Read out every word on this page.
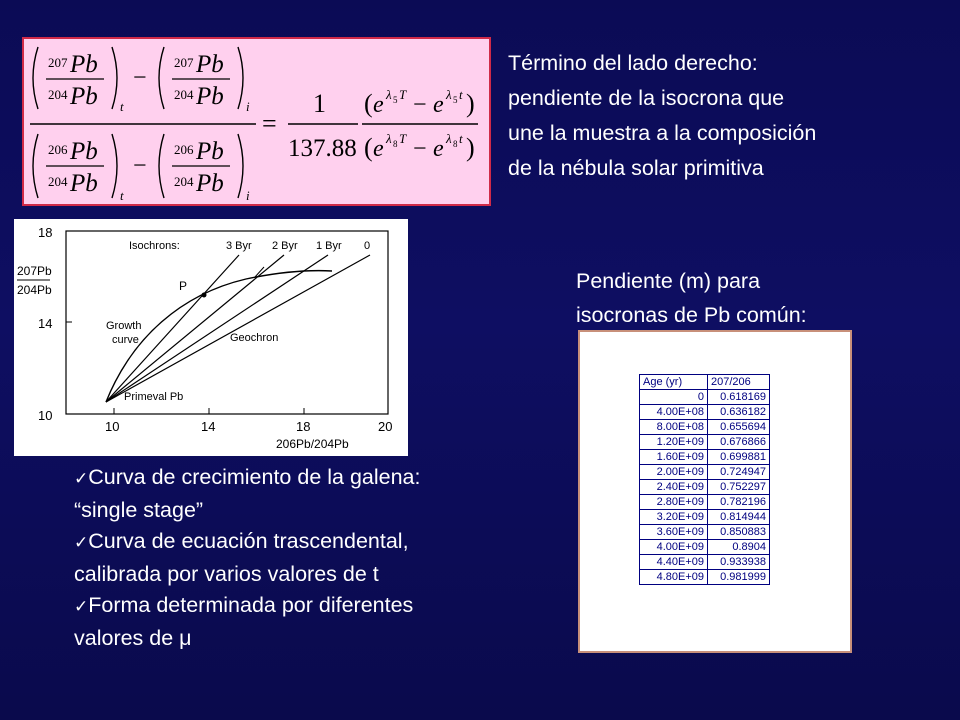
207 Pb
204 Pb t
−
207 Pb
204 Pb i
206 Pb
204 Pb t
−
206 Pb
204 Pb i
=
1
137.88
( e λ 5 T − e λ 5 t )
( e λ 8 T − e λ 8 t )
Término del lado derecho:
pendiente de la isocrona que
une la muestra a la composición
de la nébula solar primitiva
Pendiente (m) para
isocronas de Pb común:
18
14
10
10	14	18	20
207Pb
204Pb
206Pb/204Pb
Isochrons:	3 Byr 2 Byr 1 Byr 0
P
Growth
curve	Geochron
Primeval Pb
✓Curva de crecimiento de la galena:
“single stage”
✓Curva de ecuación trascendental,
calibrada por varios valores de t
✓Forma determinada por diferentes
valores de μ
Age (yr)	207/206
0	0.618169
4.00E+08	0.636182
8.00E+08	0.655694
1.20E+09	0.676866
1.60E+09	0.699881
2.00E+09	0.724947
2.40E+09	0.752297
2.80E+09	0.782196
3.20E+09	0.814944
3.60E+09	0.850883
4.00E+09	0.8904
4.40E+09	0.933938
4.80E+09	0.981999
